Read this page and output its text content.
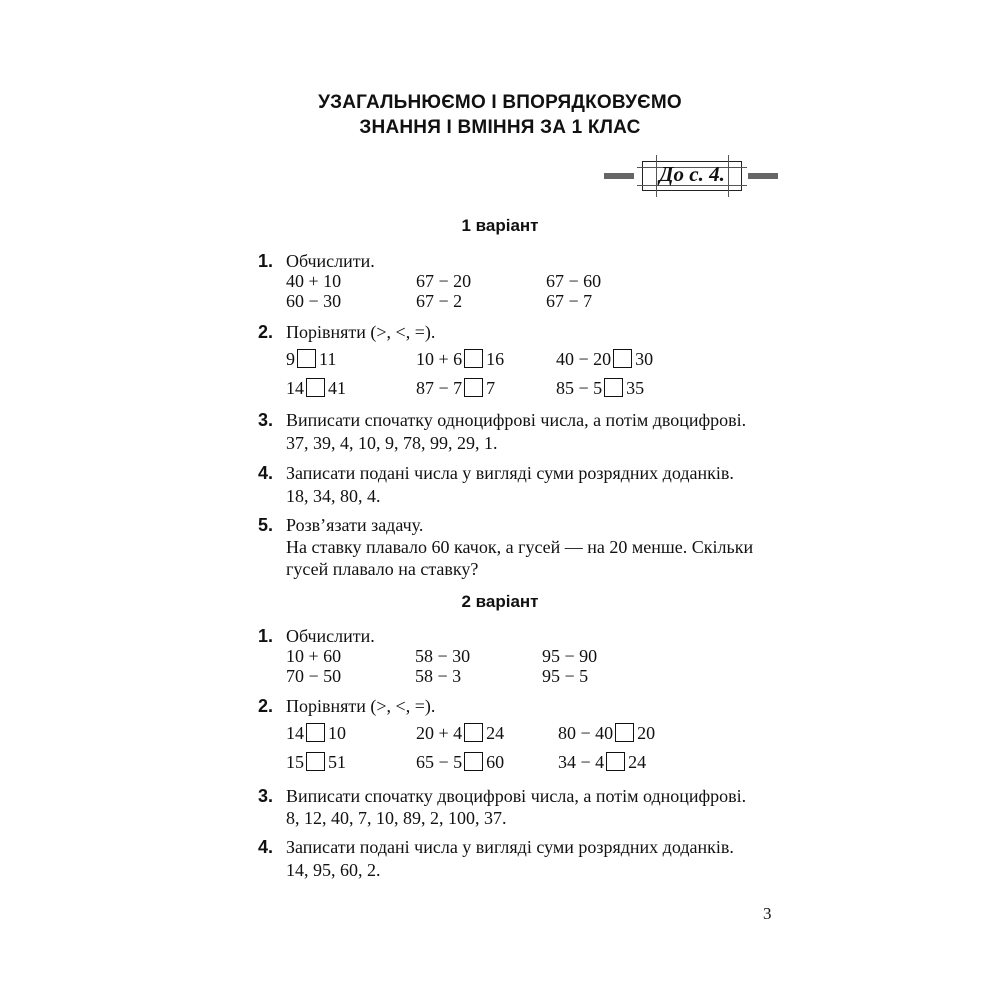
УЗАГАЛЬНЮЄМО І ВПОРЯДКОВУЄМО
ЗНАННЯ І ВМІННЯ ЗА 1 КЛАС
До с. 4.
1 варіант
1. Обчислити.
40 + 10	67 − 20	67 − 60
60 − 30	67 − 2	67 − 7
2. Порівняти (>, <, =).
9 11	10 + 6 16	40 − 20 30
14 41	87 − 7 7	85 − 5 35
3. Виписати спочатку одноцифрові числа, а потім двоцифрові.
37, 39, 4, 10, 9, 78, 99, 29, 1.
4. Записати подані числа у вигляді суми розрядних доданків.
18, 34, 80, 4.
5. Розв’язати задачу.
На ставку плавало 60 качок, а гусей — на 20 менше. Скільки
гусей плавало на ставку?
2 варіант
1. Обчислити.
10 + 60	58 − 30	95 − 90
70 − 50	58 − 3	95 − 5
2. Порівняти (>, <, =).
14 10	20 + 4 24	80 − 40 20
15 51	65 − 5 60	34 − 4 24
3. Виписати спочатку двоцифрові числа, а потім одноцифрові.
8, 12, 40, 7, 10, 89, 2, 100, 37.
4. Записати подані числа у вигляді суми розрядних доданків.
14, 95, 60, 2.
3
